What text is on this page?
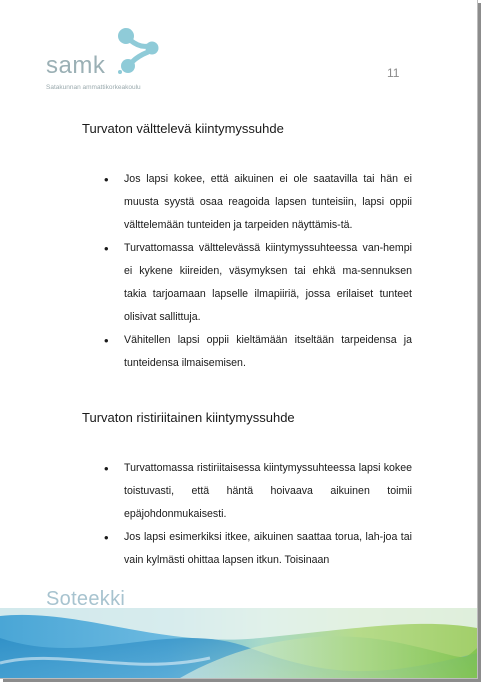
samk
Satakunnan ammattikorkeakoulu
11

Turvaton välttelevä kiintymyssuhde

• Jos lapsi kokee, että aikuinen ei ole saatavilla tai hän ei muusta syystä osaa reagoida lapsen tunteisiin, lapsi oppii välttelemään tunteiden ja tarpeiden näyttämis-tä.
• Turvattomassa välttelevässä kiintymyssuhteessa van-hempi ei kykene kiireiden, väsymyksen tai ehkä ma-sennuksen takia tarjoamaan lapselle ilmapiiriä, jossa erilaiset tunteet olisivat sallittuja.
• Vähitellen lapsi oppii kieltämään itseltään tarpeidensa ja tunteidensa ilmaisemisen.

Turvaton ristiriitainen kiintymyssuhde

• Turvattomassa ristiriitaisessa kiintymyssuhteessa lapsi kokee toistuvasti, että häntä hoivaava aikuinen toimii epäjohdonmukaisesti.
• Jos lapsi esimerkiksi itkee, aikuinen saattaa torua, lah-joa tai vain kylmästi ohittaa lapsen itkun. Toisinaan
Soteekki
